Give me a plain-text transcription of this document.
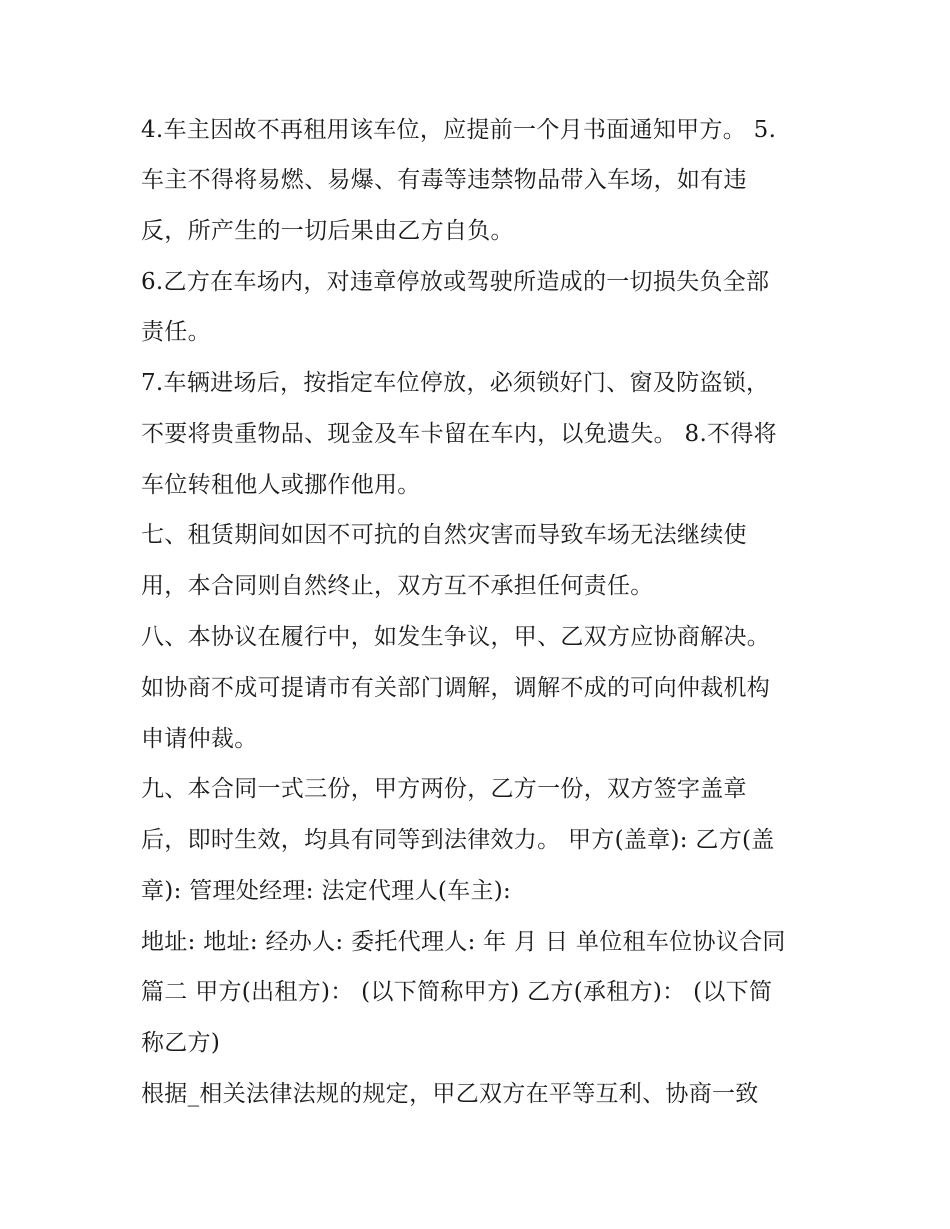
4.车主因故不再租用该车位，应提前一个月书面通知甲方。 5.
车主不得将易燃、易爆、有毒等违禁物品带入车场，如有违
反，所产生的一切后果由乙方自负。
6.乙方在车场内，对违章停放或驾驶所造成的一切损失负全部
责任。
7.车辆进场后，按指定车位停放，必须锁好门、窗及防盗锁，
不要将贵重物品、现金及车卡留在车内，以免遗失。 8.不得将
车位转租他人或挪作他用。
七、租赁期间如因不可抗的自然灾害而导致车场无法继续使
用，本合同则自然终止，双方互不承担任何责任。
八、本协议在履行中，如发生争议，甲、乙双方应协商解决。
如协商不成可提请市有关部门调解，调解不成的可向仲裁机构
申请仲裁。
九、本合同一式三份，甲方两份，乙方一份，双方签字盖章
后，即时生效，均具有同等到法律效力。 甲方(盖章): 乙方(盖
章): 管理处经理: 法定代理人(车主):
地址: 地址: 经办人: 委托代理人: 年 月 日 单位租车位协议合同
篇二 甲方(出租方)： (以下简称甲方) 乙方(承租方)： (以下简
称乙方)
根据_相关法律法规的规定，甲乙双方在平等互利、协商一致
